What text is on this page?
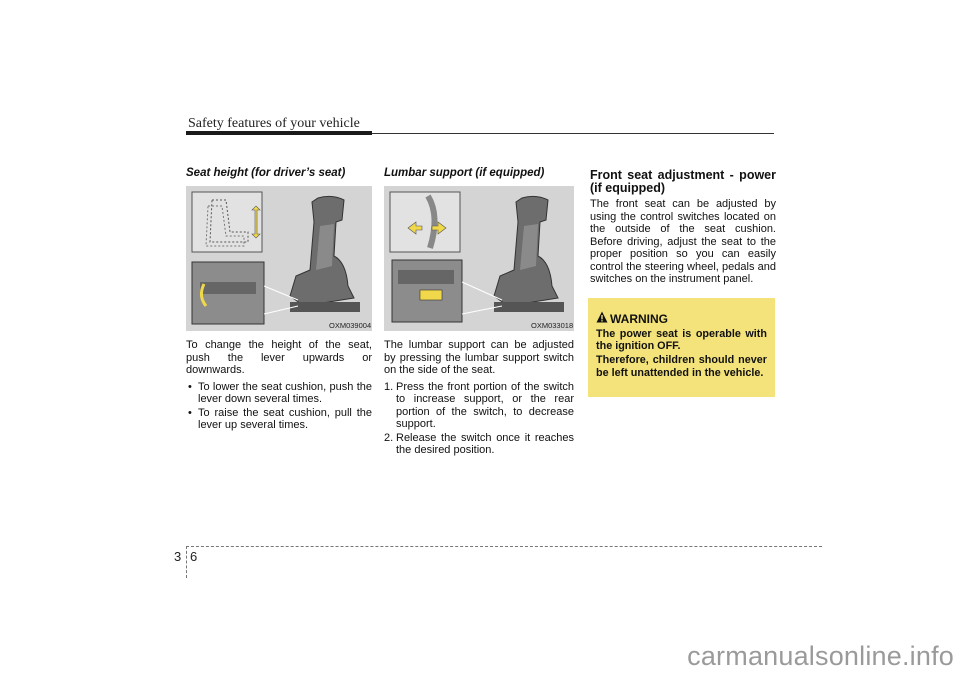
Safety features of your vehicle
Seat height (for driver’s seat)
OXM039004
To change the height of the seat, push the lever upwards or downwards.
• To lower the seat cushion, push the lever down several times.
• To raise the seat cushion, pull the lever up several times.
Lumbar support (if equipped)
OXM033018
The lumbar support can be adjusted by pressing the lumbar support switch on the side of the seat.
1. Press the front portion of the switch to increase support, or the rear portion of the switch, to decrease support.
2. Release the switch once it reaches the desired position.
Front seat adjustment - power (if equipped)
The front seat can be adjusted by using the control switches located on the outside of the seat cushion. Before driving, adjust the seat to the proper position so you can easily control the steering wheel, pedals and switches on the instrument panel.
WARNING

The power seat is operable with the ignition OFF.

Therefore, children should never be left unattended in the vehicle.

3 6
carmanualsonline.info
